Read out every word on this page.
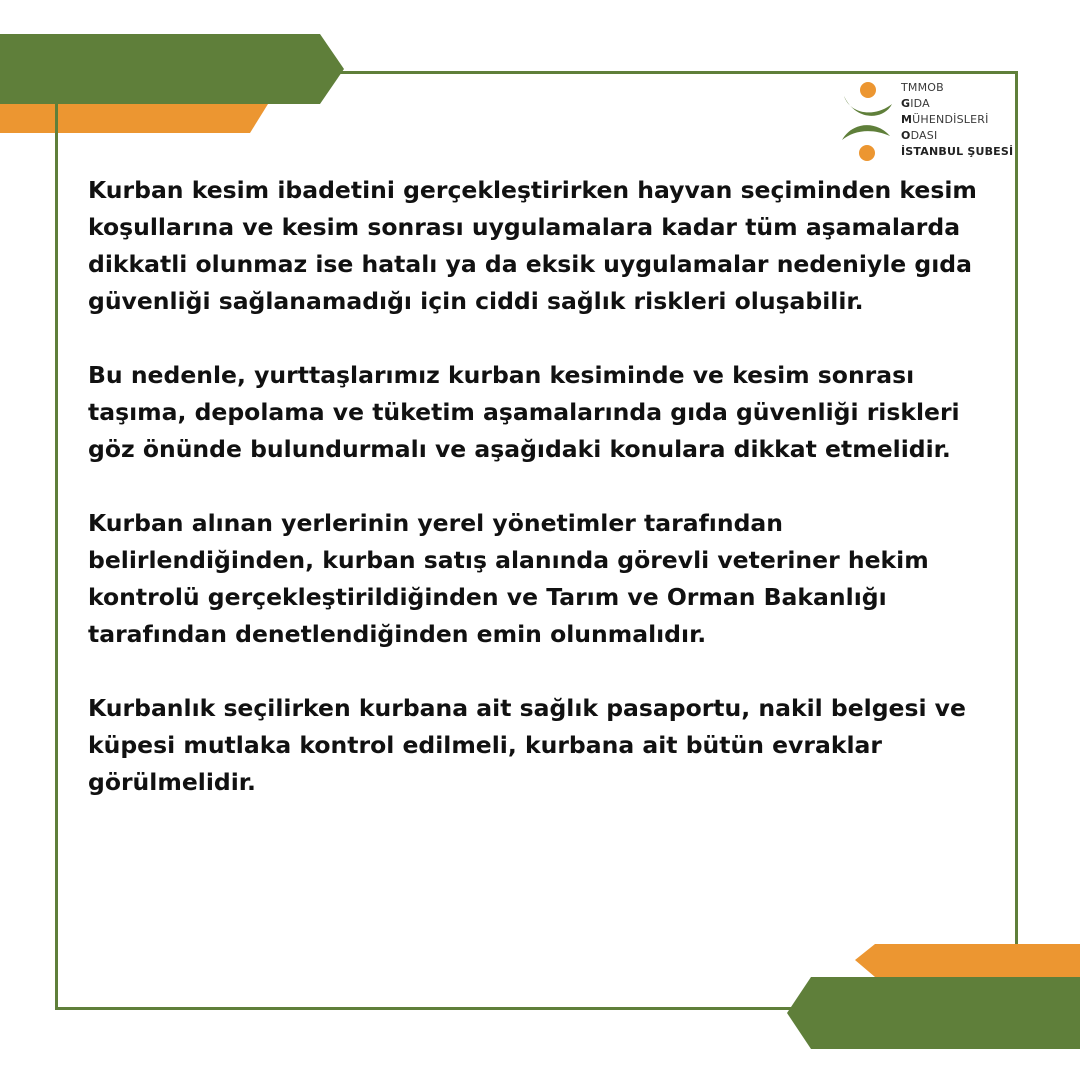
TMMOB
GIDA
MÜHENDİSLERİ
ODASI
İSTANBUL ŞUBESİ

Kurban kesim ibadetini gerçekleştirirken hayvan seçiminden kesim koşullarına ve kesim sonrası uygulamalara kadar tüm aşamalarda dikkatli olunmaz ise hatalı ya da eksik uygulamalar nedeniyle gıda güvenliği sağlanamadığı için ciddi sağlık riskleri oluşabilir.

Bu nedenle, yurttaşlarımız kurban kesiminde ve kesim sonrası taşıma, depolama ve tüketim aşamalarında gıda güvenliği riskleri göz önünde bulundurmalı ve aşağıdaki konulara dikkat etmelidir.

Kurban alınan yerlerinin yerel yönetimler tarafından belirlendiğinden, kurban satış alanında görevli veteriner hekim kontrolü gerçekleştirildiğinden ve Tarım ve Orman Bakanlığı tarafından denetlendiğinden emin olunmalıdır.

Kurbanlık seçilirken kurbana ait sağlık pasaportu, nakil belgesi ve küpesi mutlaka kontrol edilmeli, kurbana ait bütün evraklar görülmelidir.
